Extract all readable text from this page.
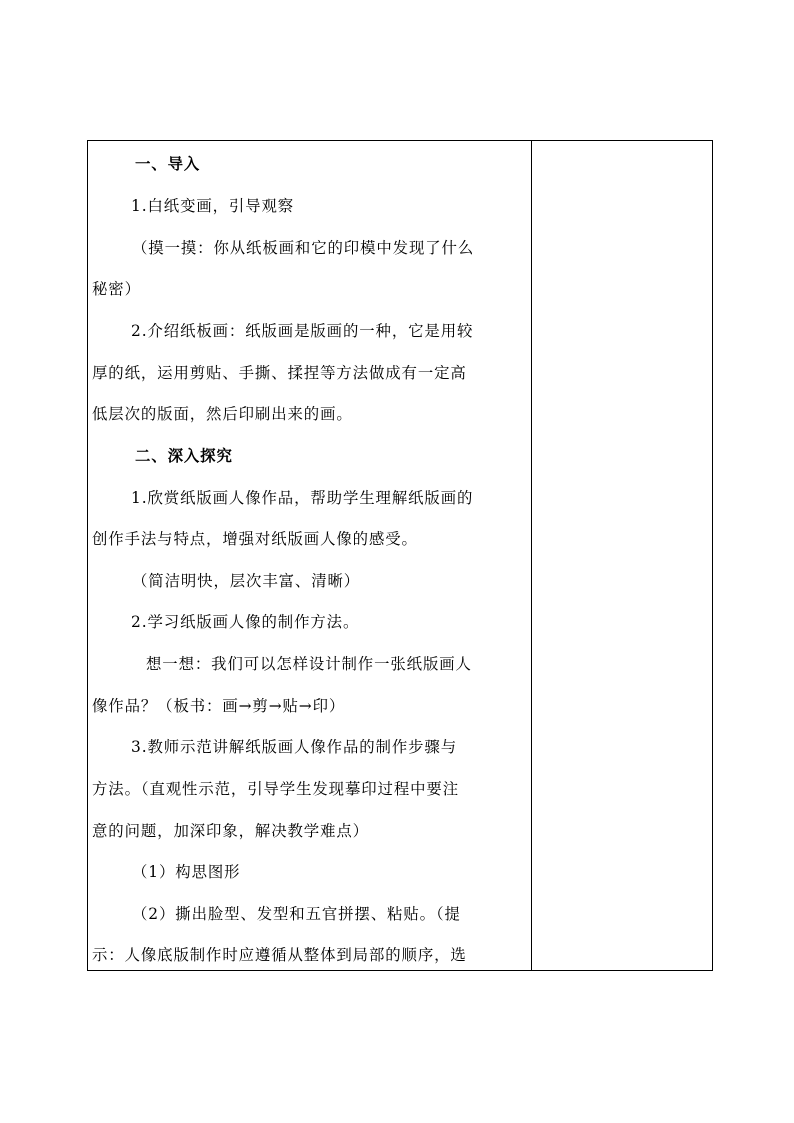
一、导入
1.白纸变画，引导观察
（摸一摸：你从纸板画和它的印模中发现了什么
秘密）
2.介绍纸板画：纸版画是版画的一种，它是用较
厚的纸，运用剪贴、手撕、揉捏等方法做成有一定高
低层次的版面，然后印刷出来的画。
二、深入探究
1.欣赏纸版画人像作品，帮助学生理解纸版画的
创作手法与特点，增强对纸版画人像的感受。
（简洁明快，层次丰富、清晰）
2.学习纸版画人像的制作方法。
想一想：我们可以怎样设计制作一张纸版画人
像作品？（板书：画→剪→贴→印）
3.教师示范讲解纸版画人像作品的制作步骤与
方法。（直观性示范，引导学生发现摹印过程中要注
意的问题，加深印象，解决教学难点）
（1）构思图形
（2）撕出脸型、发型和五官拼摆、粘贴。（提
示：人像底版制作时应遵循从整体到局部的顺序，选
